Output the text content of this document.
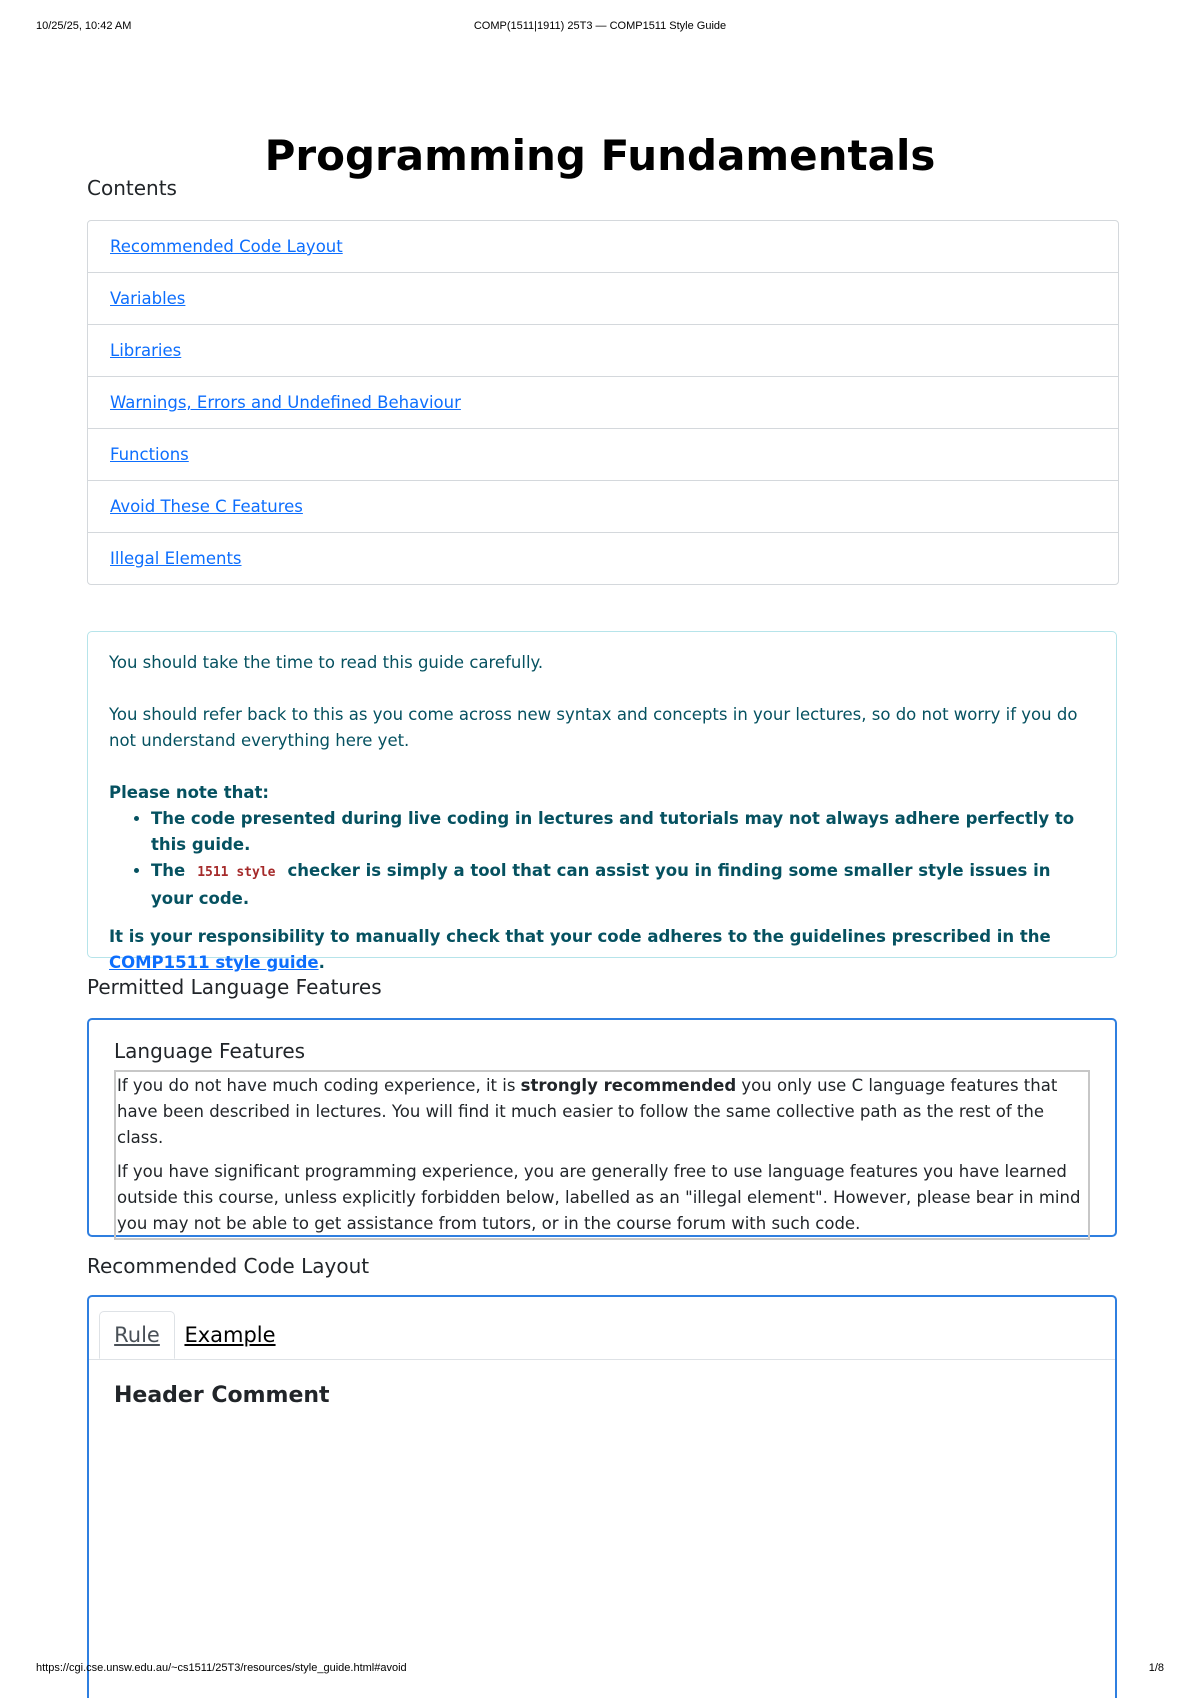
10/25/25, 10:42 AM	COMP(1511|1911) 25T3 — COMP1511 Style Guide
Programming Fundamentals
Contents
Recommended Code Layout
Variables
Libraries
Warnings, Errors and Undefined Behaviour
Functions
Avoid These C Features
Illegal Elements

You should take the time to read this guide carefully.

You should refer back to this as you come across new syntax and concepts in your lectures, so do not worry if you do not understand everything here yet.

Please note that:

• The code presented during live coding in lectures and tutorials may not always adhere perfectly to this guide.
• The 1511 style checker is simply a tool that can assist you in finding some smaller style issues in your code.

It is your responsibility to manually check that your code adheres to the guidelines prescribed in the COMP1511 style guide.

Permitted Language Features
Language Features

If you do not have much coding experience, it is strongly recommended you only use C language features that have been described in lectures. You will find it much easier to follow the same collective path as the rest of the class.

If you have significant programming experience, you are generally free to use language features you have learned outside this course, unless explicitly forbidden below, labelled as an "illegal element". However, please bear in mind you may not be able to get assistance from tutors, or in the course forum with such code.

Recommended Code Layout
Rule	Example
Header Comment
https://cgi.cse.unsw.edu.au/~cs1511/25T3/resources/style_guide.html#avoid	1/8
